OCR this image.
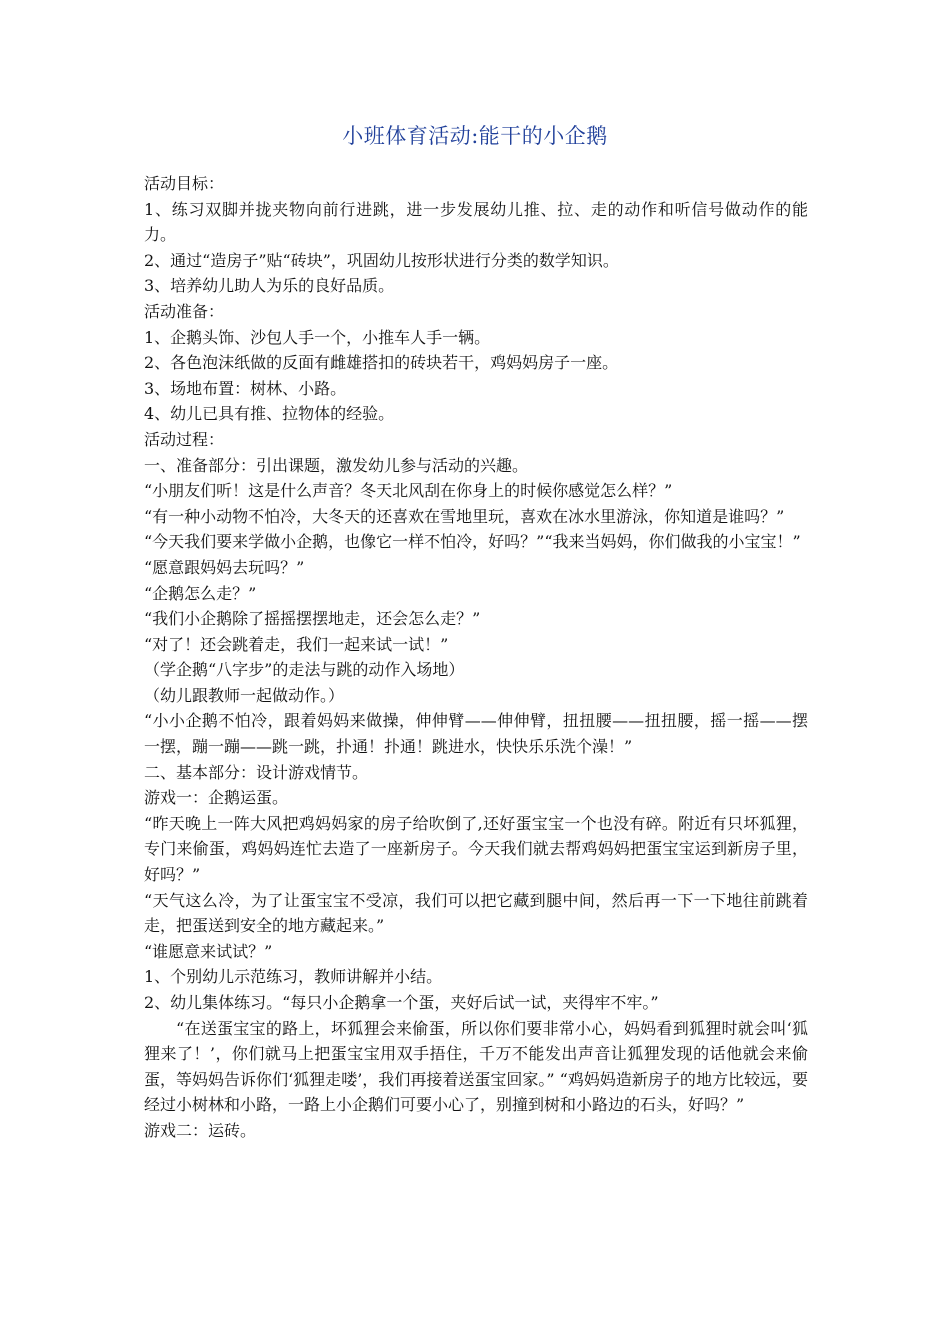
小班体育活动:能干的小企鹅

活动目标：

1、练习双脚并拢夹物向前行进跳，进一步发展幼儿推、拉、走的动作和听信号做动作的能力。

2、通过“造房子”贴“砖块”，巩固幼儿按形状进行分类的数学知识。

3、培养幼儿助人为乐的良好品质。

活动准备：

1、企鹅头饰、沙包人手一个，小推车人手一辆。

2、各色泡沫纸做的反面有雌雄搭扣的砖块若干，鸡妈妈房子一座。

3、场地布置：树林、小路。

4、幼儿已具有推、拉物体的经验。

活动过程：

一、准备部分：引出课题，激发幼儿参与活动的兴趣。

“小朋友们听！这是什么声音？冬天北风刮在你身上的时候你感觉怎么样？”

“有一种小动物不怕冷，大冬天的还喜欢在雪地里玩，喜欢在冰水里游泳，你知道是谁吗？”

“今天我们要来学做小企鹅，也像它一样不怕冷，好吗？”“我来当妈妈，你们做我的小宝宝！”

“愿意跟妈妈去玩吗？”

“企鹅怎么走？”

“我们小企鹅除了摇摇摆摆地走，还会怎么走？”

“对了！还会跳着走，我们一起来试一试！”

（学企鹅“八字步”的走法与跳的动作入场地）

（幼儿跟教师一起做动作。）

“小小企鹅不怕冷，跟着妈妈来做操，伸伸臂——伸伸臂，扭扭腰——扭扭腰，摇一摇——摆一摆，蹦一蹦——跳一跳，扑通！扑通！跳进水，快快乐乐洗个澡！”

二、基本部分：设计游戏情节。

游戏一：企鹅运蛋。

“昨天晚上一阵大风把鸡妈妈家的房子给吹倒了,还好蛋宝宝一个也没有碎。附近有只坏狐狸，专门来偷蛋，鸡妈妈连忙去造了一座新房子。今天我们就去帮鸡妈妈把蛋宝宝运到新房子里，好吗？”

“天气这么冷，为了让蛋宝宝不受凉，我们可以把它藏到腿中间，然后再一下一下地往前跳着走，把蛋送到安全的地方藏起来。”

“谁愿意来试试？”

1、个别幼儿示范练习，教师讲解并小结。

2、幼儿集体练习。“每只小企鹅拿一个蛋，夹好后试一试，夹得牢不牢。”

“在送蛋宝宝的路上，坏狐狸会来偷蛋，所以你们要非常小心，妈妈看到狐狸时就会叫‘狐狸来了！’，你们就马上把蛋宝宝用双手捂住，千万不能发出声音让狐狸发现的话他就会来偷蛋，等妈妈告诉你们‘狐狸走喽’，我们再接着送蛋宝回家。” “鸡妈妈造新房子的地方比较远，要经过小树林和小路，一路上小企鹅们可要小心了，别撞到树和小路边的石头，好吗？”

游戏二：运砖。
